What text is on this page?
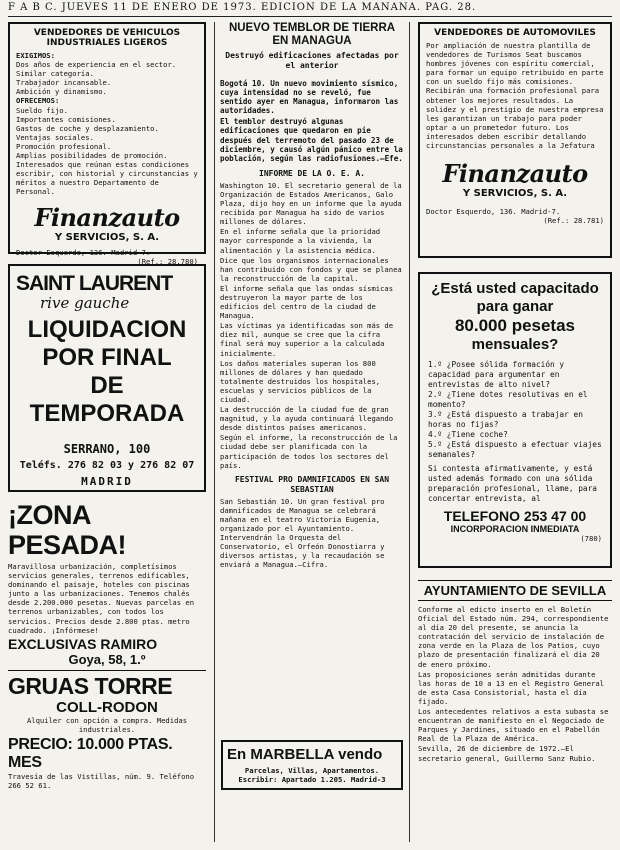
F A B C. JUEVES 11 DE ENERO DE 1973. EDICION DE LA MAÑANA. PAG. 28.
VENDEDORES DE VEHICULOS INDUSTRIALES LIGEROS
EXIGIMOS:
Dos años de experiencia en el sector.
Similar categoría.
Trabajador incansable.
Ambición y dinamismo.
OFRECEMOS:
Sueldo fijo.
Importantes comisiones.
Gastos de coche y desplazamiento.
Ventajas sociales.
Promoción profesional.
Amplias posibilidades de promoción. Interesados que reúnan estas condiciones escribir, con historial y circunstancias y méritos a nuestro Departamento de Personal.
Finanzauto
Y SERVICIOS, S. A.
Doctor Esquerdo, 136. Madrid-7.
(Ref.: 28.780)
SAINT LAURENT
rive gauche
LIQUIDACION
POR FINAL
DE
TEMPORADA
SERRANO, 100
Teléfs. 276 82 03 y 276 82 07
MADRID
¡ZONA PESADA!
Maravillosa urbanización, completísimos servicios generales, terrenos edificables, dominando el paisaje, hoteles con piscinas junto a las urbanizaciones. Tenemos chalés desde 2.200.000 pesetas. Nuevas parcelas en terrenos urbanizables, con todos los servicios. Precios desde 2.800 ptas. metro cuadrado. ¡Infórmese!
EXCLUSIVAS RAMIRO
Goya, 58, 1.º
GRUAS TORRE
COLL-RODON
Alquiler con opción a compra. Medidas industriales.
PRECIO: 10.000 PTAS. MES
Travesía de las Vistillas, núm. 9. Teléfono 266 52 61.
NUEVO TEMBLOR DE TIERRA EN MANAGUA
Destruyó edificaciones afectadas por el anterior
Bogotá 10. Un nuevo movimiento sísmico, cuya intensidad no se reveló, fue sentido ayer en Managua, informaron las autoridades.
El temblor destruyó algunas edificaciones que quedaron en pie después del terremoto del pasado 23 de diciembre, y causó algún pánico entre la población, según las radiofusiones.—Efe.
INFORME DE LA O. E. A.

Washington 10. El secretario general de la Organización de Estados Americanos, Galo Plaza, dijo hoy en un informe que la ayuda recibida por Managua ha sido de varios millones de dólares.

En el informe señala que la prioridad mayor corresponde a la vivienda, la alimentación y la asistencia médica.

Dice que los organismos internacionales han contribuido con fondos y que se planea la reconstrucción de la capital.

El informe señala que las ondas sísmicas destruyeron la mayor parte de los edificios del centro de la ciudad de Managua.

Las víctimas ya identificadas son más de diez mil, aunque se cree que la cifra final será muy superior a la calculada inicialmente.

Los daños materiales superan los 800 millones de dólares y han quedado totalmente destruidos los hospitales, escuelas y servicios públicos de la ciudad.

La destrucción de la ciudad fue de gran magnitud, y la ayuda continuará llegando desde distintos países americanos.

Según el informe, la reconstrucción de la ciudad debe ser planificada con la participación de todos los sectores del país.

FESTIVAL PRO DAMNIFICADOS EN SAN SEBASTIAN
San Sebastián 10. Un gran festival pro damnificados de Managua se celebrará mañana en el teatro Victoria Eugenia, organizado por el Ayuntamiento. Intervendrán la Orquesta del Conservatorio, el Orfeón Donostiarra y diversos artistas, y la recaudación se enviará a Managua.—Cifra.
En MARBELLA vendo
Parcelas, Villas, Apartamentos.
Escribir: Apartado 1.205. Madrid-3
VENDEDORES DE AUTOMOVILES
Por ampliación de nuestra plantilla de vendedores de Turismos Seat buscamos hombres jóvenes con espíritu comercial, para formar un equipo retribuido en parte con un sueldo fijo más comisiones. Recibirán una formación profesional para obtener los mejores resultados. La solidez y el prestigio de nuestra empresa les garantizan un trabajo para poder optar a un prometedor futuro. Los interesados deben escribir detallando circunstancias personales a la Jefatura
Finanzauto
Y SERVICIOS, S. A.
Doctor Esquerdo, 136. Madrid-7.
(Ref.: 28.781)
¿Está usted capacitado
para ganar
80.000 pesetas
mensuales?
1.º ¿Posee sólida formación y capacidad para argumentar en entrevistas de alto nivel?
2.º ¿Tiene dotes resolutivas en el momento?
3.º ¿Está dispuesto a trabajar en horas no fijas?
4.º ¿Tiene coche?
5.º ¿Está dispuesto a efectuar viajes semanales?
Si contesta afirmativamente, y está usted además formado con una sólida preparación profesional, llame, para concertar entrevista, al
TELEFONO 253 47 00
INCORPORACION INMEDIATA
(780)
AYUNTAMIENTO DE SEVILLA

Conforme al edicto inserto en el Boletín Oficial del Estado núm. 294, correspondiente al día 20 del presente, se anuncia la contratación del servicio de instalación de zona verde en la Plaza de los Patios, cuyo plazo de presentación finalizará el día 20 de enero próximo.

Las proposiciones serán admitidas durante las horas de 10 a 13 en el Registro General de esta Casa Consistorial, hasta el día fijado.

Los antecedentes relativos a esta subasta se encuentran de manifiesto en el Negociado de Parques y Jardines, situado en el Pabellón Real de la Plaza de América.

Sevilla, 26 de diciembre de 1972.—El secretario general, Guillermo Sanz Rubio.
